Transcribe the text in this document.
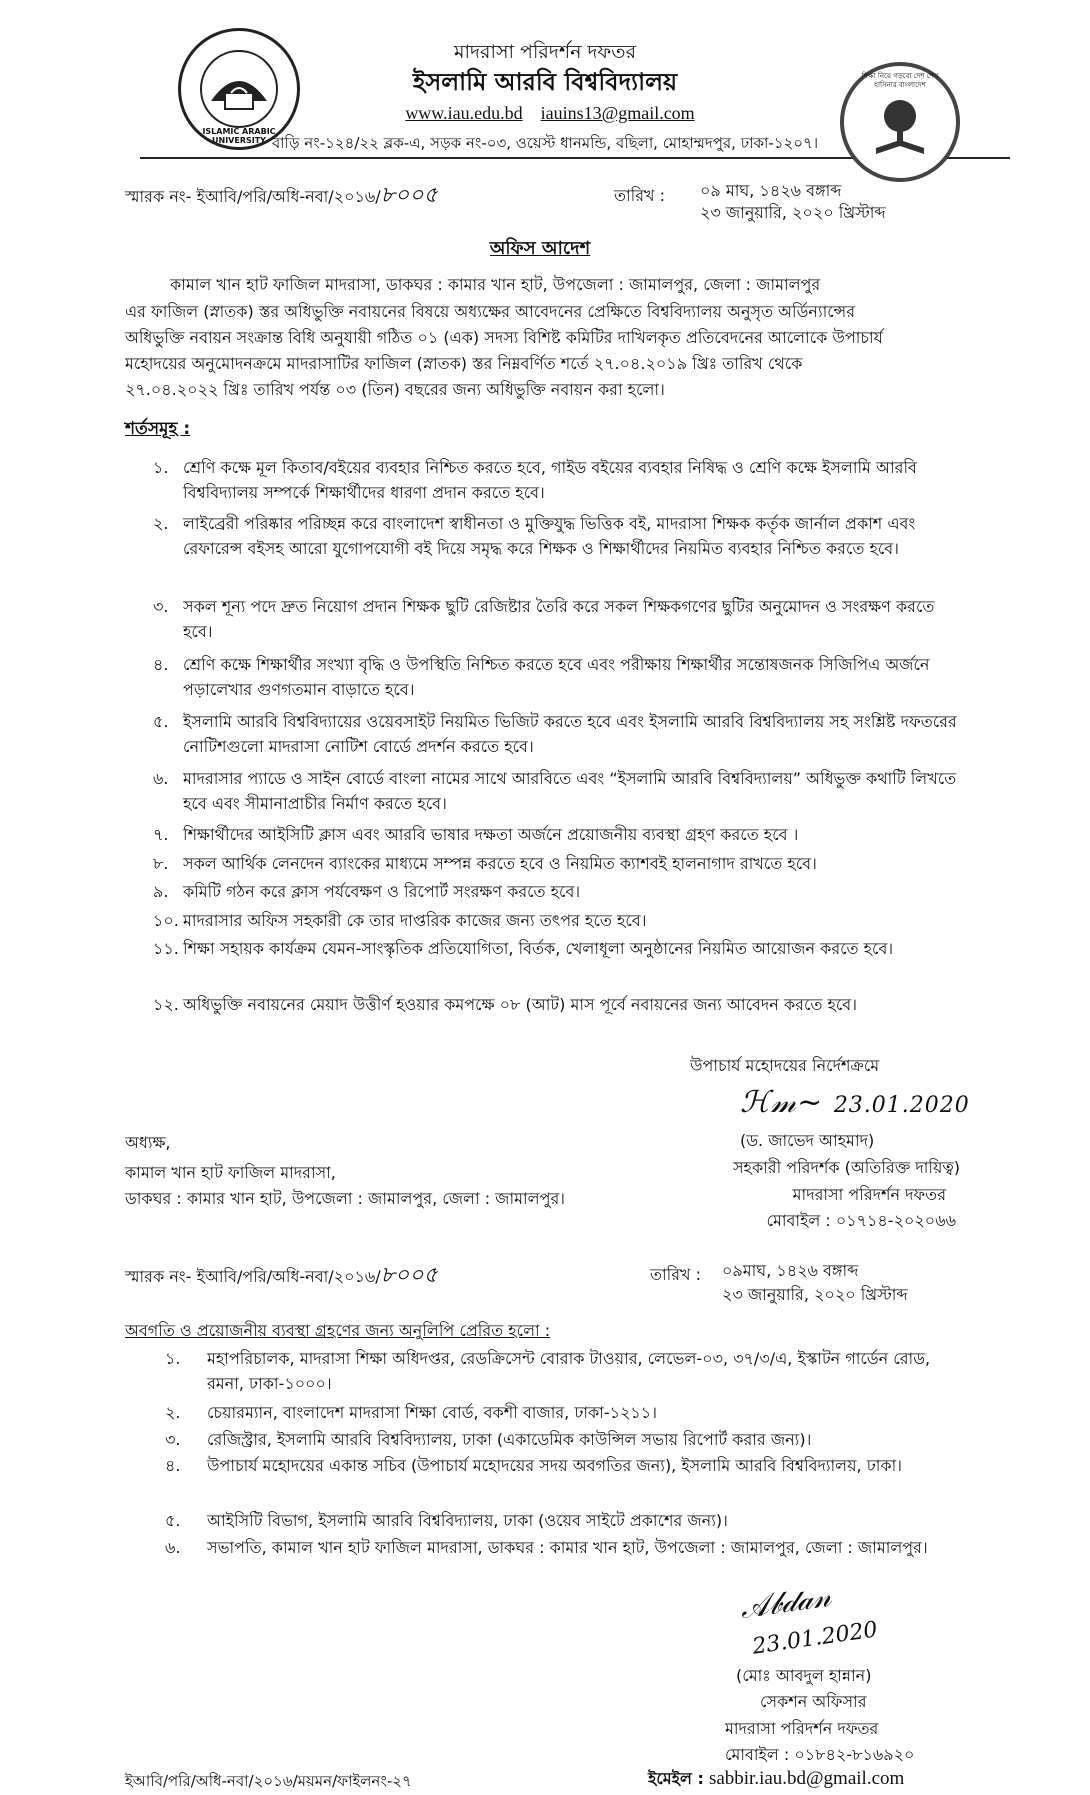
ISLAMIC ARABIC UNIVERSITY
মাদরাসা পরিদর্শন দফতর
ইসলামি আরবি বিশ্ববিদ্যালয়
www.iau.edu.bd iauins13@gmail.com
বাড়ি নং-১২৪/২২ ব্লক-এ, সড়ক নং-০৩, ওয়েস্ট ধানমন্ডি, বছিলা, মোহাম্মদপুর, ঢাকা-১২০৭।
শিক্ষা নিয়ে গড়বো দেশ শেখ হাসিনার বাংলাদেশ
স্মারক নং- ইআবি/পরি/অধি-নবা/২০১৬/৮০০৫	তারিখ : ০৯ মাঘ, ১৪২৬ বঙ্গাব্দ
২৩ জানুয়ারি, ২০২০ খ্রিস্টাব্দ
অফিস আদেশ
কামাল খান হাট ফাজিল মাদরাসা, ডাকঘর : কামার খান হাট, উপজেলা : জামালপুর, জেলা : জামালপুর
এর ফাজিল (স্নাতক) স্তর অধিভুক্তি নবায়নের বিষয়ে অধ্যক্ষের আবেদনের প্রেক্ষিতে বিশ্ববিদ্যালয় অনুসৃত অর্ডিন্যান্সের
অধিভুক্তি নবায়ন সংক্রান্ত বিধি অনুযায়ী গঠিত ০১ (এক) সদস্য বিশিষ্ট কমিটির দাখিলকৃত প্রতিবেদনের আলোকে উপাচার্য
মহোদয়ের অনুমোদনক্রমে মাদরাসাটির ফাজিল (স্নাতক) স্তর নিম্নবর্ণিত শর্তে ২৭.০৪.২০১৯ খ্রিঃ তারিখ থেকে
২৭.০৪.২০২২ খ্রিঃ তারিখ পর্যন্ত ০৩ (তিন) বছরের জন্য অধিভুক্তি নবায়ন করা হলো।
শর্তসমূহ :
১. শ্রেণি কক্ষে মূল কিতাব/বইয়ের ব্যবহার নিশ্চিত করতে হবে, গাইড বইয়ের ব্যবহার নিষিদ্ধ ও শ্রেণি কক্ষে ইসলামি আরবি বিশ্ববিদ্যালয় সম্পর্কে শিক্ষার্থীদের ধারণা প্রদান করতে হবে।
২. লাইব্রেরী পরিষ্কার পরিচ্ছন্ন করে বাংলাদেশ স্বাধীনতা ও মুক্তিযুদ্ধ ভিত্তিক বই, মাদরাসা শিক্ষক কর্তৃক জার্নাল প্রকাশ এবং রেফারেন্স বইসহ আরো যুগোপযোগী বই দিয়ে সমৃদ্ধ করে শিক্ষক ও শিক্ষার্থীদের নিয়মিত ব্যবহার নিশ্চিত করতে হবে।
৩. সকল শূন্য পদে দ্রুত নিয়োগ প্রদান শিক্ষক ছুটি রেজিষ্টার তৈরি করে সকল শিক্ষকগণের ছুটির অনুমোদন ও সংরক্ষণ করতে হবে।
৪. শ্রেণি কক্ষে শিক্ষার্থীর সংখ্যা বৃদ্ধি ও উপস্থিতি নিশ্চিত করতে হবে এবং পরীক্ষায় শিক্ষার্থীর সন্তোষজনক সিজিপিএ অর্জনে পড়ালেখার গুণগতমান বাড়াতে হবে।
৫. ইসলামি আরবি বিশ্ববিদ্যায়ের ওয়েবসাইট নিয়মিত ভিজিট করতে হবে এবং ইসলামি আরবি বিশ্ববিদ্যালয় সহ সংশ্লিষ্ট দফতরের নোটিশগুলো মাদরাসা নোটিশ বোর্ডে প্রদর্শন করতে হবে।
৬. মাদরাসার প্যাডে ও সাইন বোর্ডে বাংলা নামের সাথে আরবিতে এবং “ইসলামি আরবি বিশ্ববিদ্যালয়” অধিভুক্ত কথাটি লিখতে হবে এবং সীমানাপ্রাচীর নির্মাণ করতে হবে।
৭. শিক্ষার্থীদের আইসিটি ক্লাস এবং আরবি ভাষার দক্ষতা অর্জনে প্রয়োজনীয় ব্যবস্থা গ্রহণ করতে হবে ।
৮. সকল আর্থিক লেনদেন ব্যাংকের মাধ্যমে সম্পন্ন করতে হবে ও নিয়মিত ক্যাশবই হালনাগাদ রাখতে হবে।
৯. কমিটি গঠন করে ক্লাস পর্যবেক্ষণ ও রিপোর্ট সংরক্ষণ করতে হবে।
১০. মাদরাসার অফিস সহকারী কে তার দাপ্তরিক কাজের জন্য তৎপর হতে হবে।
১১. শিক্ষা সহায়ক কার্যক্রম যেমন-সাংস্কৃতিক প্রতিযোগিতা, বির্তক, খেলাধূলা অনুষ্ঠানের নিয়মিত আয়োজন করতে হবে।
১২. অধিভুক্তি নবায়নের মেয়াদ উত্তীর্ণ হওয়ার কমপক্ষে ০৮ (আট) মাস পূর্বে নবায়নের জন্য আবেদন করতে হবে।
উপাচার্য মহোদয়ের নির্দেশক্রমে
ℋ𝓂~ 23.01.2020
(ড. জাভেদ আহমাদ)
সহকারী পরিদর্শক (অতিরিক্ত দায়িত্ব)
মাদরাসা পরিদর্শন দফতর
মোবাইল : ০১৭১৪-২০২০৬৬
অধ্যক্ষ,
কামাল খান হাট ফাজিল মাদরাসা,
ডাকঘর : কামার খান হাট, উপজেলা : জামালপুর, জেলা : জামালপুর।
স্মারক নং- ইআবি/পরি/অধি-নবা/২০১৬/৮০০৫	তারিখ : ০৯মাঘ, ১৪২৬ বঙ্গাব্দ
২৩ জানুয়ারি, ২০২০ খ্রিস্টাব্দ
অবগতি ও প্রয়োজনীয় ব্যবস্থা গ্রহণের জন্য অনুলিপি প্রেরিত হলো :
১.	মহাপরিচালক, মাদরাসা শিক্ষা অধিদপ্তর, রেডক্রিসেন্ট বোরাক টাওয়ার, লেভেল-০৩, ৩৭/৩/এ, ইস্কাটন গার্ডেন রোড, রমনা, ঢাকা-১০০০।
২.	চেয়ারম্যান, বাংলাদেশ মাদরাসা শিক্ষা বোর্ড, বকশী বাজার, ঢাকা-১২১১।
৩.	রেজিস্ট্রার, ইসলামি আরবি বিশ্ববিদ্যালয়, ঢাকা (একাডেমিক কাউন্সিল সভায় রিপোর্ট করার জন্য)।
৪.	উপাচার্য মহোদয়ের একান্ত সচিব (উপাচার্য মহোদয়ের সদয় অবগতির জন্য), ইসলামি আরবি বিশ্ববিদ্যালয়, ঢাকা।
৫.	আইসিটি বিভাগ, ইসলামি আরবি বিশ্ববিদ্যালয়, ঢাকা (ওয়েব সাইটে প্রকাশের জন্য)।
৬.	সভাপতি, কামাল খান হাট ফাজিল মাদরাসা, ডাকঘর : কামার খান হাট, উপজেলা : জামালপুর, জেলা : জামালপুর।
𝒜𝒷𝒹𝒶𝓃
23.01.2020
(মোঃ আবদুল হান্নান)
সেকশন অফিসার
মাদরাসা পরিদর্শন দফতর
মোবাইল : ০১৮৪২-৮১৬৯২০
ইমেইল : sabbir.iau.bd@gmail.com
ইআবি/পরি/অধি-নবা/২০১৬/ময়মন/ফাইলনং-২৭
